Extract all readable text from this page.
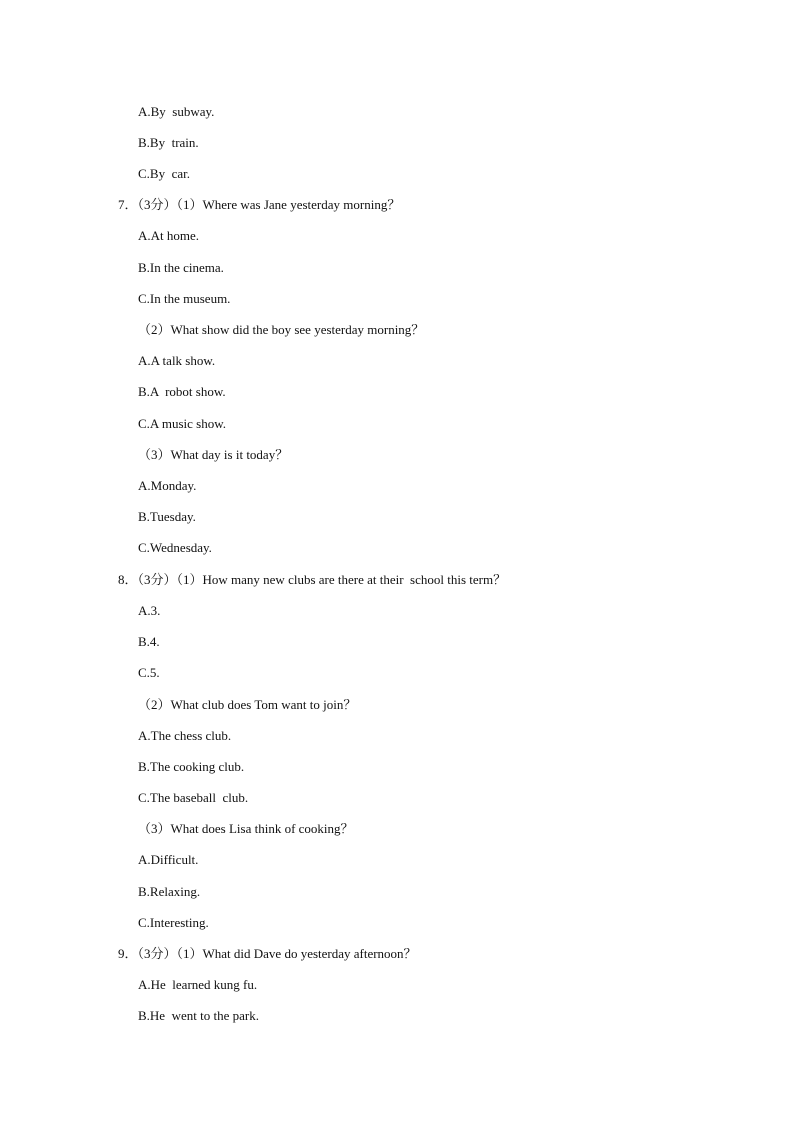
A.By  subway.
B.By  train.
C.By  car.
7．（3分）（1）Where was Jane yesterday morning？
A.At home.
B.In the cinema.
C.In the museum.
（2）What show did the boy see yesterday morning？
A.A talk show.
B.A  robot show.
C.A music show.
（3）What day is it today？
A.Monday.
B.Tuesday.
C.Wednesday.
8．（3分）（1）How many new clubs are there at their  school this term？
A.3.
B.4.
C.5.
（2）What club does Tom want to join？
A.The chess club.
B.The cooking club.
C.The baseball  club.
（3）What does Lisa think of cooking？
A.Difficult.
B.Relaxing.
C.Interesting.
9．（3分）（1）What did Dave do yesterday afternoon？
A.He  learned kung fu.
B.He  went to the park.
